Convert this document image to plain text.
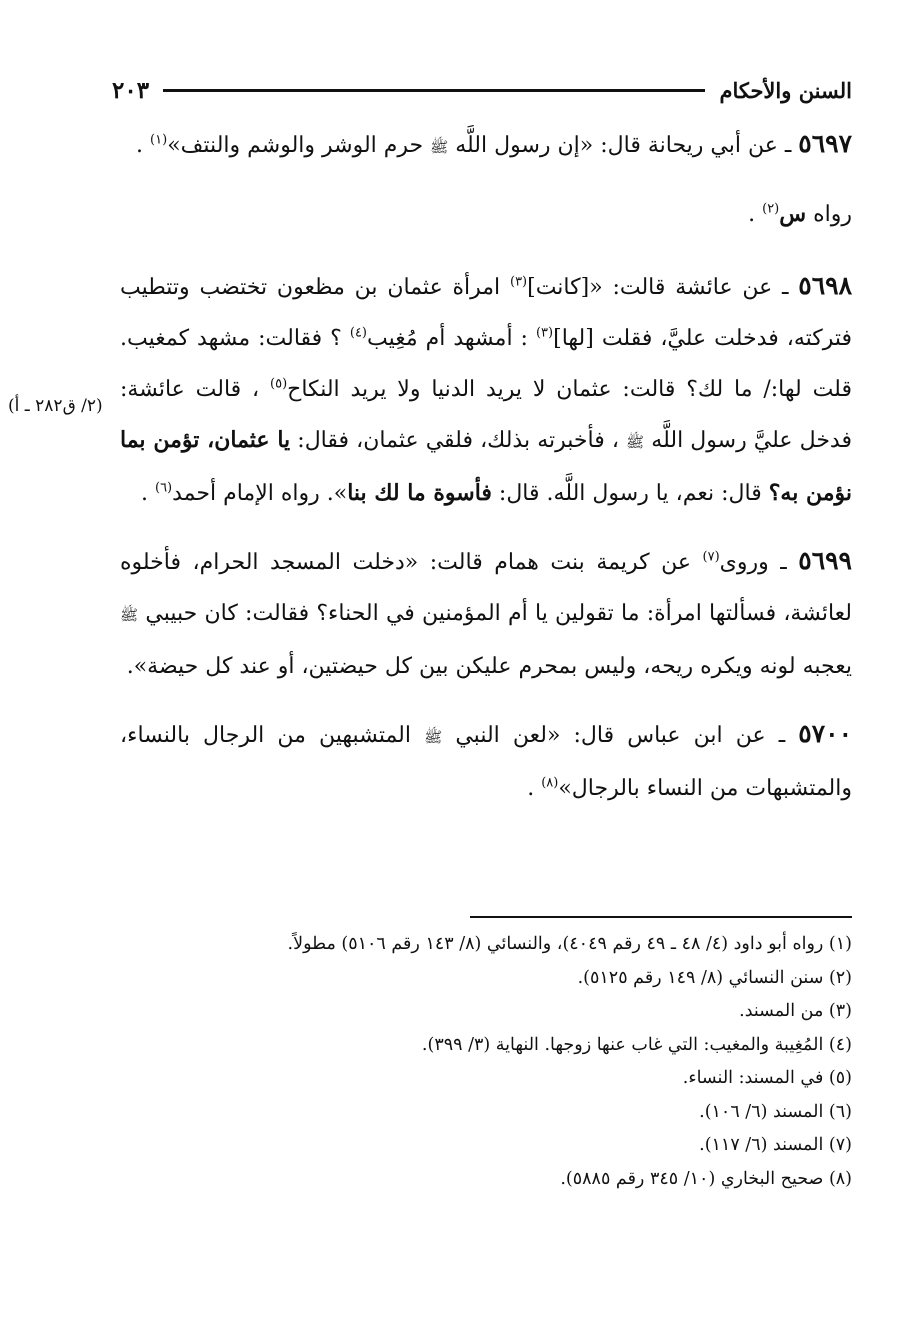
السنن والأحكام
٢٠٣
(٢/ ق٢٨٢ ـ أ)

٥٦٩٧ ـ عن أبي ريحانة قال: «إن رسول اللَّه ﷺ حرم الوشر والوشم والنتف»$^{(١)}$ .

رواه س$^{(٢)}$ .

٥٦٩٨ ـ عن عائشة قالت: «[كانت]$^{(٣)}$ امرأة عثمان بن مظعون تختضب وتتطيب فتركته، فدخلت عليَّ، فقلت [لها]$^{(٣)}$ : أمشهد أم مُغِيب$^{(٤)}$ ؟ فقالت: مشهد كمغيب. قلت لها:/ ما لك؟ قالت: عثمان لا يريد الدنيا ولا يريد النكاح$^{(٥)}$ ، قالت عائشة: فدخل عليَّ رسول اللَّه ﷺ ، فأخبرته بذلك، فلقي عثمان، فقال: يا عثمان، تؤمن بما نؤمن به؟ قال: نعم، يا رسول اللَّه. قال: فأسوة ما لك بنا». رواه الإمام أحمد$^{(٦)}$ .

٥٦٩٩ ـ وروى$^{(٧)}$ عن كريمة بنت همام قالت: «دخلت المسجد الحرام، فأخلوه لعائشة، فسألتها امرأة: ما تقولين يا أم المؤمنين في الحناء؟ فقالت: كان حبيبي ﷺ يعجبه لونه ويكره ريحه، وليس بمحرم عليكن بين كل حيضتين، أو عند كل حيضة».

٥٧٠٠ ـ عن ابن عباس قال: «لعن النبي ﷺ المتشبهين من الرجال بالنساء، والمتشبهات من النساء بالرجال»$^{(٨)}$ .

(١) رواه أبو داود (٤/ ٤٨ ـ ٤٩ رقم ٤٠٤٩)، والنسائي (٨/ ١٤٣ رقم ٥١٠٦) مطولاً.

(٢) سنن النسائي (٨/ ١٤٩ رقم ٥١٢٥).

(٣) من المسند.

(٤) المُغِيبة والمغيب: التي غاب عنها زوجها. النهاية (٣/ ٣٩٩).

(٥) في المسند: النساء.

(٦) المسند (٦/ ١٠٦).

(٧) المسند (٦/ ١١٧).

(٨) صحيح البخاري (١٠/ ٣٤٥ رقم ٥٨٨٥).
